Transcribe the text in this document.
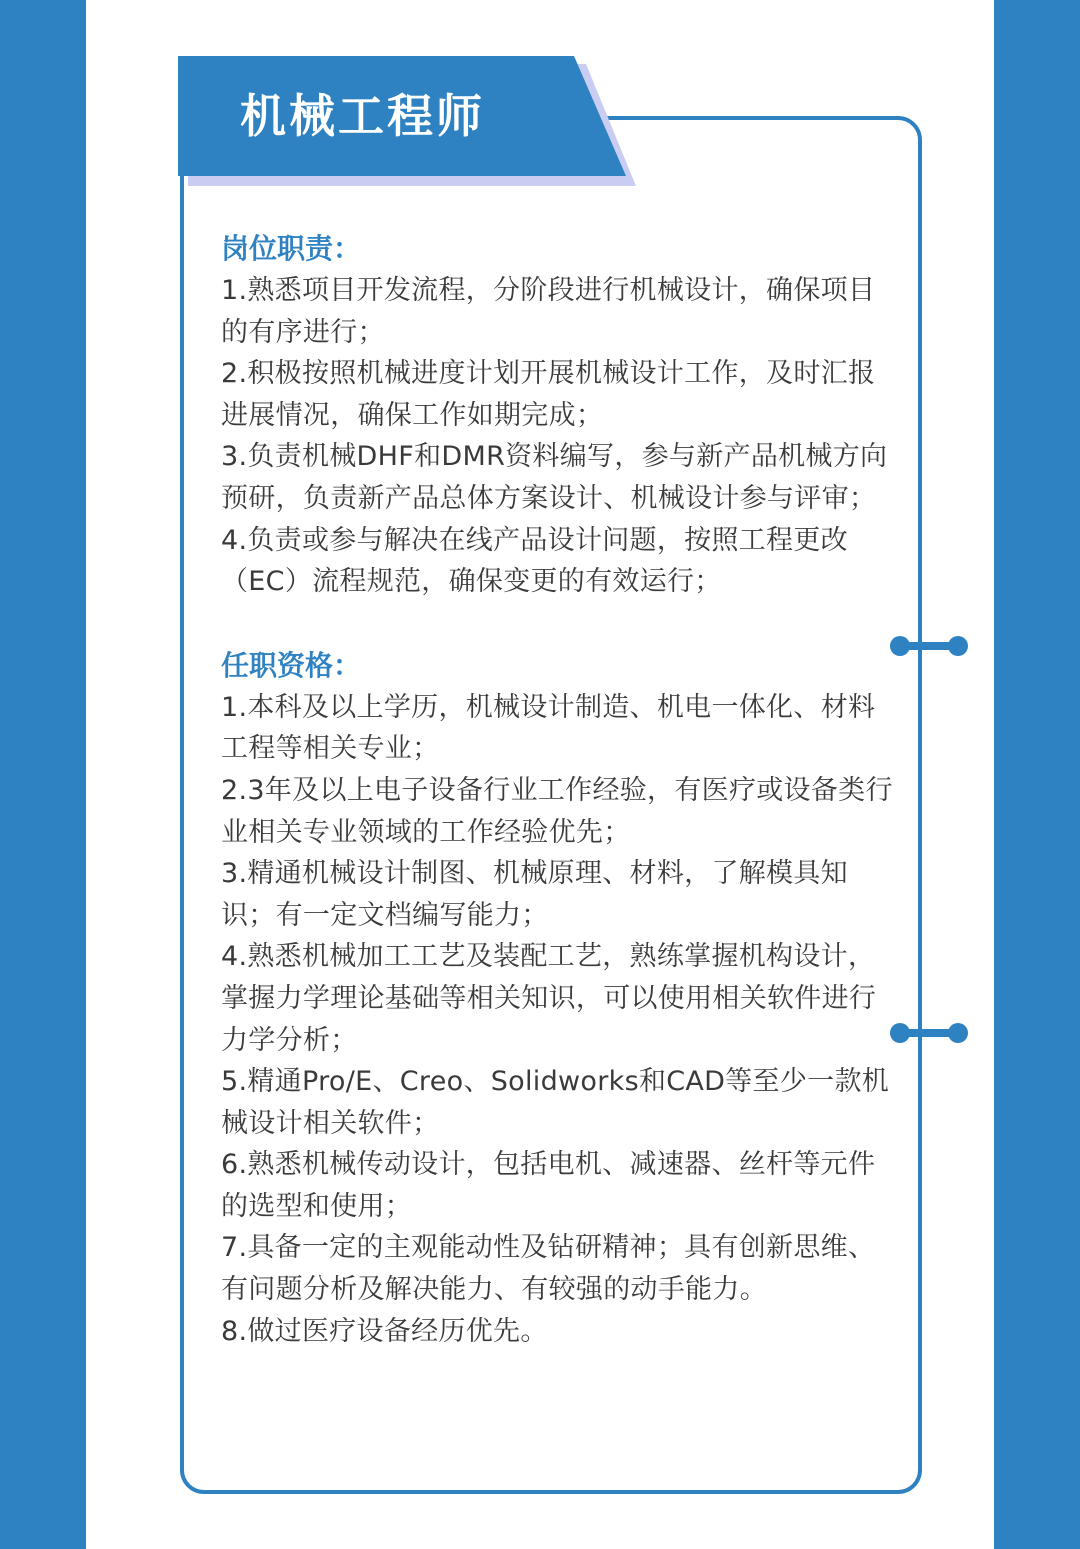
机械工程师
岗位职责：
1.熟悉项目开发流程，分阶段进行机械设计，确保项目的有序进行；
2.积极按照机械进度计划开展机械设计工作，及时汇报进展情况，确保工作如期完成；
3.负责机械DHF和DMR资料编写，参与新产品机械方向预研，负责新产品总体方案设计、机械设计参与评审；
4.负责或参与解决在线产品设计问题，按照工程更改（EC）流程规范，确保变更的有效运行；
任职资格：
1.本科及以上学历，机械设计制造、机电一体化、材料工程等相关专业；
2.3年及以上电子设备行业工作经验，有医疗或设备类行业相关专业领域的工作经验优先；
3.精通机械设计制图、机械原理、材料，了解模具知识；有一定文档编写能力；
4.熟悉机械加工工艺及装配工艺，熟练掌握机构设计，掌握力学理论基础等相关知识，可以使用相关软件进行力学分析；
5.精通Pro/E、Creo、Solidworks和CAD等至少一款机械设计相关软件；
6.熟悉机械传动设计，包括电机、减速器、丝杆等元件的选型和使用；
7.具备一定的主观能动性及钻研精神；具有创新思维、有问题分析及解决能力、有较强的动手能力。
8.做过医疗设备经历优先。
